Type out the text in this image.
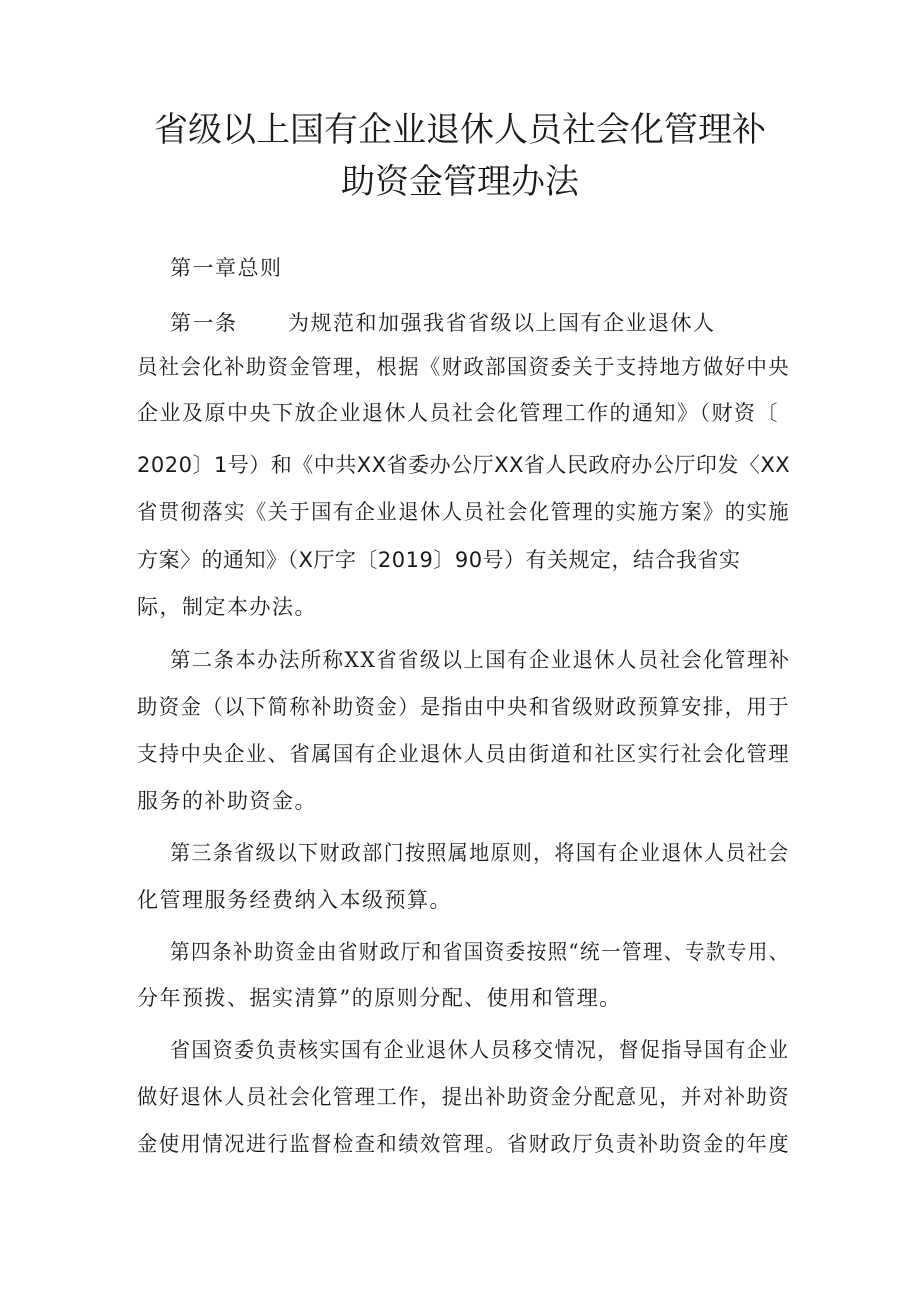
省级以上国有企业退休人员社会化管理补
助资金管理办法
第一章总则
第一条 为规范和加强我省省级以上国有企业退休人
员社会化补助资金管理，根据《财政部国资委关于支持地方做好中央
企业及原中央下放企业退休人员社会化管理工作的通知》（财资〔
2020〕1号）和《中共XX省委办公厅XX省人民政府办公厅印发〈XX
省贯彻落实《关于国有企业退休人员社会化管理的实施方案》的实施
方案〉的通知》（X厅字〔2019〕90号）有关规定，结合我省实
际，制定本办法。
第二条本办法所称XX省省级以上国有企业退休人员社会化管理补
助资金（以下简称补助资金）是指由中央和省级财政预算安排，用于
支持中央企业、省属国有企业退休人员由街道和社区实行社会化管理
服务的补助资金。
第三条省级以下财政部门按照属地原则，将国有企业退休人员社会
化管理服务经费纳入本级预算。
第四条补助资金由省财政厅和省国资委按照“统一管理、专款专用、
分年预拨、据实清算”的原则分配、使用和管理。
省国资委负责核实国有企业退休人员移交情况，督促指导国有企业
做好退休人员社会化管理工作，提出补助资金分配意见，并对补助资
金使用情况进行监督检查和绩效管理。省财政厅负责补助资金的年度
